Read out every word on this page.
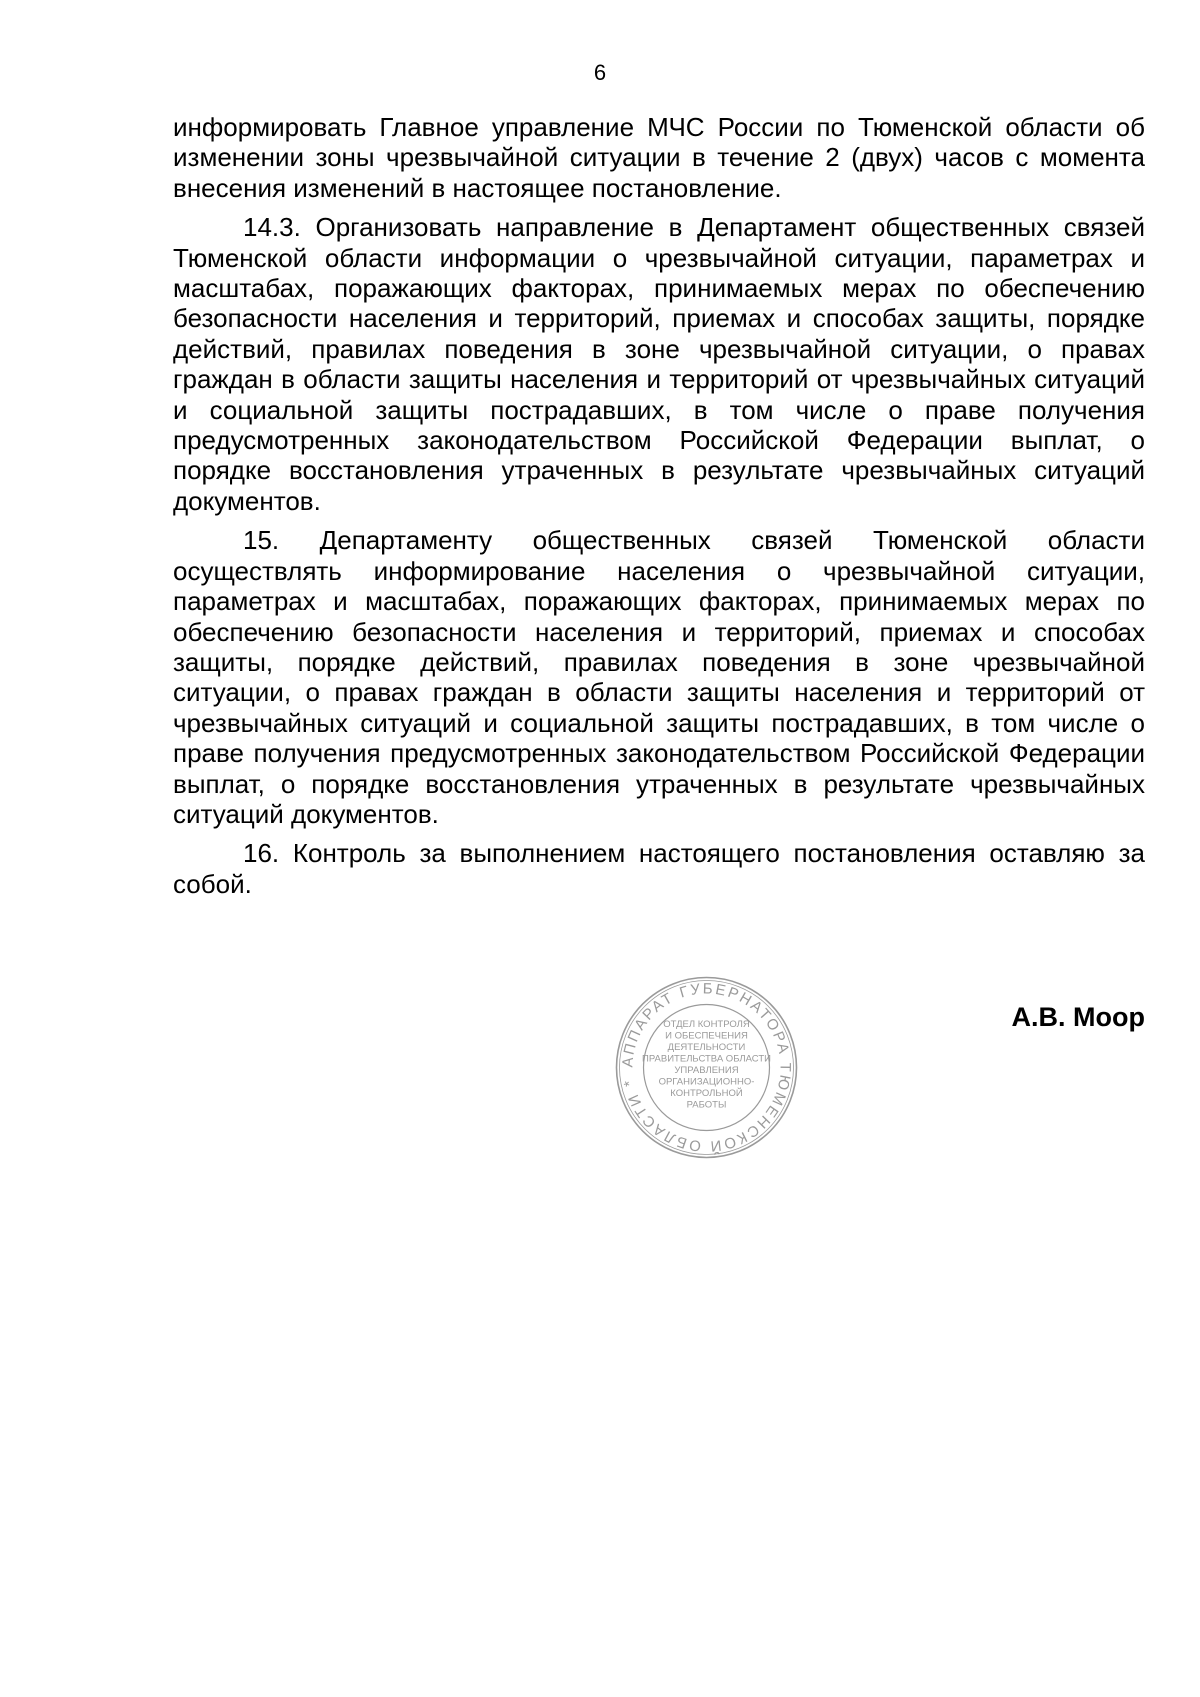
6

информировать Главное управление МЧС России по Тюменской области об изменении зоны чрезвычайной ситуации в течение 2 (двух) часов с момента внесения изменений в настоящее постановление.

14.3. Организовать направление в Департамент общественных связей Тюменской области информации о чрезвычайной ситуации, параметрах и масштабах, поражающих факторах, принимаемых мерах по обеспечению безопасности населения и территорий, приемах и способах защиты, порядке действий, правилах поведения в зоне чрезвычайной ситуации, о правах граждан в области защиты населения и территорий от чрезвычайных ситуаций и социальной защиты пострадавших, в том числе о праве получения предусмотренных законодательством Российской Федерации выплат, о порядке восстановления утраченных в результате чрезвычайных ситуаций документов.

15. Департаменту общественных связей Тюменской области осуществлять информирование населения о чрезвычайной ситуации, параметрах и масштабах, поражающих факторах, принимаемых мерах по обеспечению безопасности населения и территорий, приемах и способах защиты, порядке действий, правилах поведения в зоне чрезвычайной ситуации, о правах граждан в области защиты населения и территорий от чрезвычайных ситуаций и социальной защиты пострадавших, в том числе о праве получения предусмотренных законодательством Российской Федерации выплат, о порядке восстановления утраченных в результате чрезвычайных ситуаций документов.

16. Контроль за выполнением настоящего постановления оставляю за собой.

АППАРАТ ГУБЕРНАТОРА ТЮМЕНСКОЙ ОБЛАСТИ *
ОТДЕЛ КОНТРОЛЯ
И ОБЕСПЕЧЕНИЯ
ДЕЯТЕЛЬНОСТИ
ПРАВИТЕЛЬСТВА ОБЛАСТИ
УПРАВЛЕНИЯ
ОРГАНИЗАЦИОННО-
КОНТРОЛЬНОЙ
РАБОТЫ
А.В. Моор
